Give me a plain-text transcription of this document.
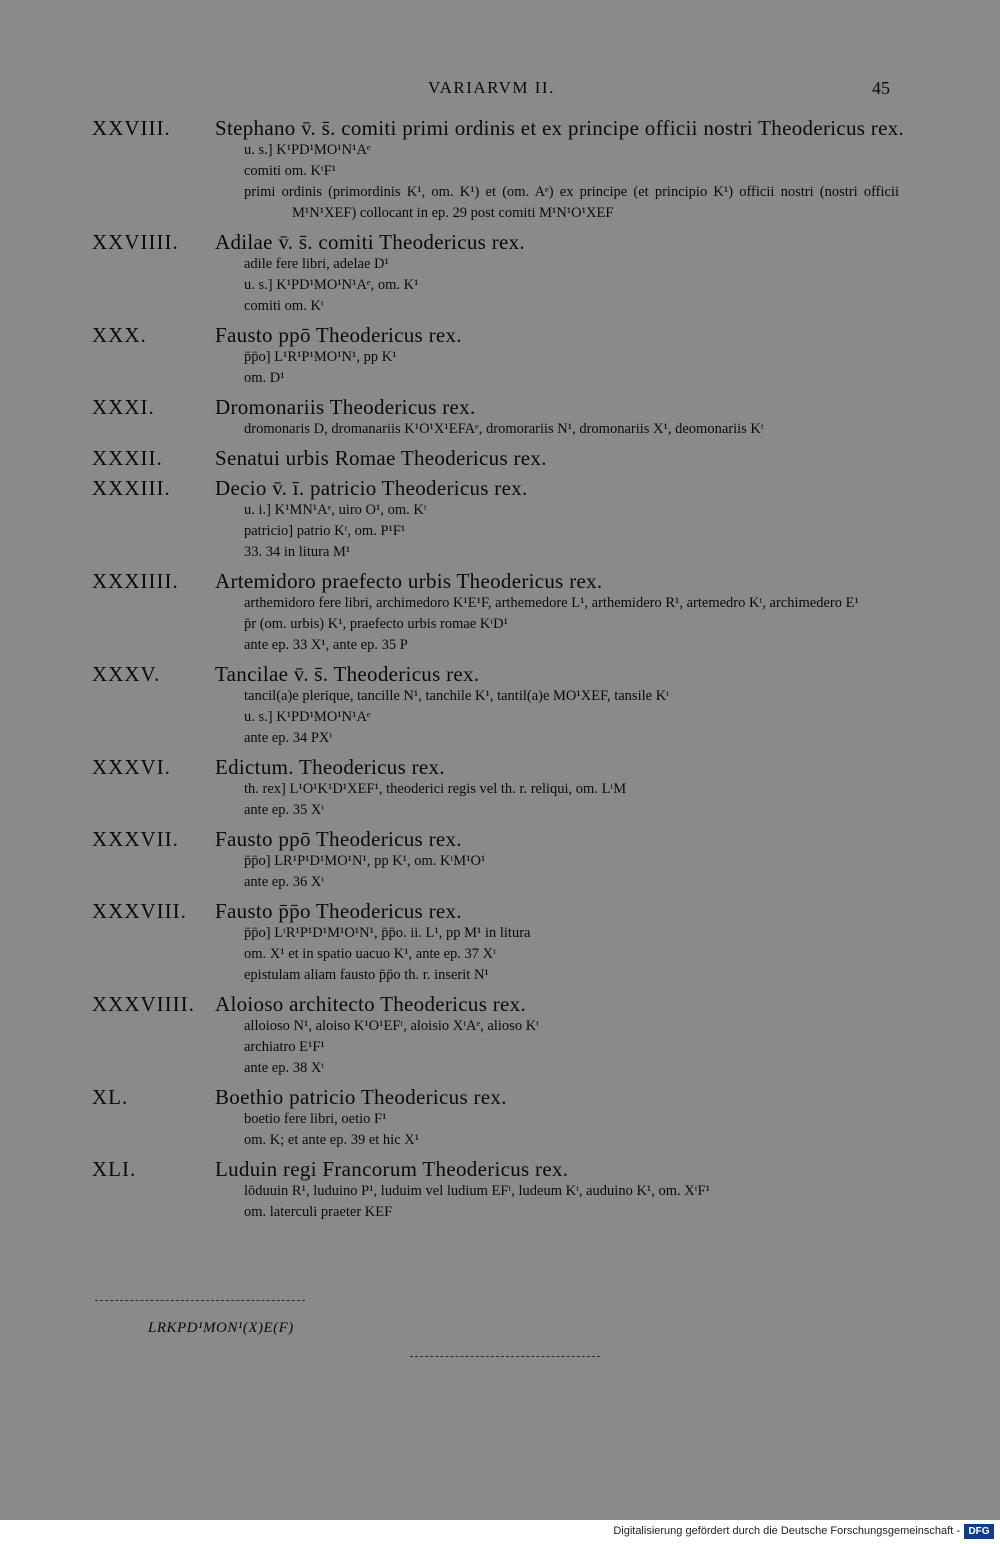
VARIARVM II.	45
XXVIII. Stephano v̄. s̄. comiti primi ordinis et ex principe officii nostri Theodericus rex.
u. s.] K¹PD¹MO¹N¹Aᵉ
comiti om. KᵗF¹
primi ordinis (primordinis K¹, om. K¹) et (om. Aᵉ) ex principe (et principio K¹) officii nostri (nostri officii M¹N¹XEF) collocant in ep. 29 post comiti M¹N¹O¹XEF
XXVIIII. Adilae v̄. s̄. comiti Theodericus rex.
adile fere libri, adelae D¹
u. s.] K¹PD¹MO¹N¹Aᵉ, om. K¹
comiti om. Kᵗ
XXX.	Fausto ppō Theodericus rex.
p̄p̄o] L¹R¹P¹MO¹N¹, pp K¹
om. D¹
XXXI.	Dromonariis Theodericus rex.
dromonaris D, dromanariis K¹O¹X¹EFAᵉ, dromorariis N¹, dromonariis X¹, deomonariis Kᵗ
XXXII. Senatui urbis Romae Theodericus rex.
XXXIII. Decio v̄. ī. patricio Theodericus rex.
u. i.] K¹MN¹Aᵉ, uiro O¹, om. Kᵗ
patricio] patrio Kᵗ, om. P¹F¹
33. 34 in litura M¹
XXXIIII. Artemidoro praefecto urbis Theodericus rex.
arthemidoro fere libri, archimedoro K¹E¹F, arthemedore L¹, arthemidero R¹, artemedro Kᵗ, archimedero E¹
p̄r (om. urbis) K¹, praefecto urbis romae KᵗD¹
ante ep. 33 X¹, ante ep. 35 P
XXXV.	Tancilae v̄. s̄. Theodericus rex.
tancil(a)e plerique, tancille N¹, tanchile K¹, tantil(a)e MO¹XEF, tansile Kᵗ
u. s.] K¹PD¹MO¹N¹Aᵉ
ante ep. 34 PXᵗ
XXXVI. Edictum. Theodericus rex.
th. rex] L¹O¹K¹D¹XEF¹, theoderici regis vel th. r. reliqui, om. LᵗM
ante ep. 35 Xᵗ
XXXVII. Fausto ppō Theodericus rex.
p̄p̄o] LR¹P¹D¹MO¹N¹, pp K¹, om. KᵗM¹O¹
ante ep. 36 Xᵗ
XXXVIII. Fausto p̄p̄o Theodericus rex.
p̄p̄o] LᵗR¹P¹D¹M¹O¹N¹, p̄p̄o. ii. L¹, pp M¹ in litura
om. X¹ et in spatio uacuo K¹, ante ep. 37 Xᵗ
epistulam aliam fausto p̄p̄o th. r. inserit N¹
XXXVIIII. Aloioso architecto Theodericus rex.
alloioso N¹, aloiso K¹O¹EFᵗ, aloisio XᵗAᵉ, alioso Kᵗ
archiatro E¹F¹
ante ep. 38 Xᵗ
XL.	Boethio patricio Theodericus rex.
boetio fere libri, oetio F¹
om. K; et ante ep. 39 et hic X¹
XLI.	Luduin regi Francorum Theodericus rex.
lōduuin R¹, luduino P¹, luduim vel ludium EFᵗ, ludeum Kᵗ, auduino K¹, om. XᵗF¹
om. laterculi praeter KEF
LRKPD¹MON¹(X)E(F)
Digitalisierung gefördert durch die Deutsche Forschungsgemeinschaft - DFG
